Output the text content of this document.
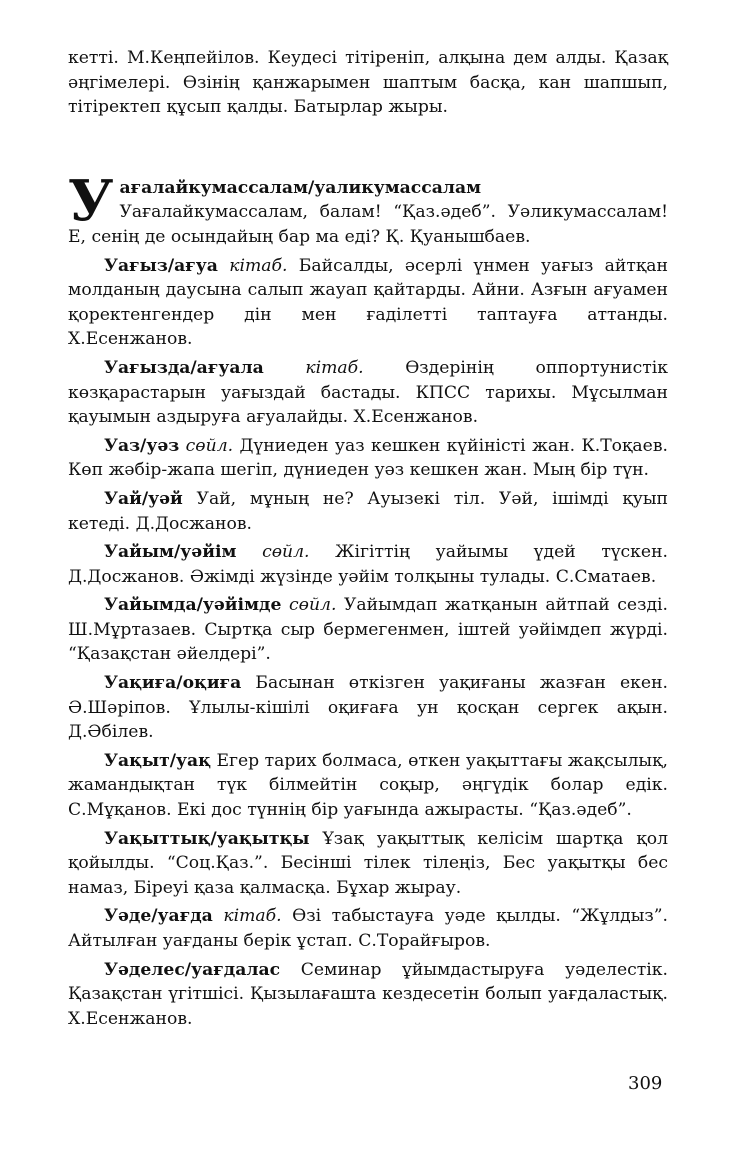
кетті. М.Кеңпейілов. Кеудесі тітіреніп, алқына дем алды. Қазақ әңгімелері. Өзінің қанжарымен шаптым басқа, кан шапшып, тітіректеп құсып қалды. Батырлар жыры.

Уағалайкумассалам/уаликумассалам Уағалайкумассалам, балам! “Қаз.әдеб”. Уәликумассалам! Е, сенің де осындайың бар ма еді? Қ. Қуанышбаев.

Уағыз/ағуа кітаб. Байсалды, әсерлі үнмен уағыз айтқан молданың даусына салып жауап қайтарды. Айни. Азғын ағуамен қоректенгендер дін мен ғаділетті таптауға аттанды. Х.Есенжанов.

Уағызда/ағуала кітаб. Өздерінің оппортунистік көзқарастарын уағыздай бастады. КПСС тарихы. Мұсылман қауымын аздыруға ағуалайды. Х.Есенжанов.

Уаз/уәз сөйл. Дүниеден уаз кешкен күйіністі жан. К.Тоқаев. Көп жәбір-жапа шегіп, дүниеден уәз кешкен жан. Мың бір түн.

Уай/уәй Уай, мұның не? Ауызекі тіл. Уәй, ішімді қуып кетеді. Д.Досжанов.

Уайым/уәйім сөйл. Жігіттің уайымы үдей түскен. Д.Досжанов. Әжімді жүзінде уәйім толқыны тулады. С.Сматаев.

Уайымда/уәйімде сөйл. Уайымдап жатқанын айтпай сезді. Ш.Мұртазаев. Сыртқа сыр бермегенмен, іштей уәйімдеп жүрді. “Қазақстан әйелдері”.

Уақиға/оқиға Басынан өткізген уақиғаны жазған екен. Ә.Шәріпов. Ұлылы-кішілі оқиғаға ун қосқан сергек ақын. Д.Әбілев.

Уақыт/уақ Егер тарих болмаса, өткен уақыттағы жақсылық, жамандықтан түк білмейтін соқыр, әңгүдік болар едік. С.Мұқанов. Екі дос түннің бір уағында ажырасты. “Қаз.әдеб”.

Уақыттық/уақытқы Ұзақ уақыттық келісім шартқа қол қойылды. “Соц.Қаз.”. Бесінші тілек тілеңіз, Бес уақытқы бес намаз, Біреуі қаза қалмасқа. Бұхар жырау.

Уәде/уағда кітаб. Өзі табыстауға уәде қылды. “Жұлдыз”. Айтылған уағданы берік ұстап. С.Торайғыров.

Уәделес/уағдалас Семинар ұйымдастыруға уәделестік. Қазақстан үгітшісі. Қызылағашта кездесетін болып уағдаластық. Х.Есенжанов.

309
